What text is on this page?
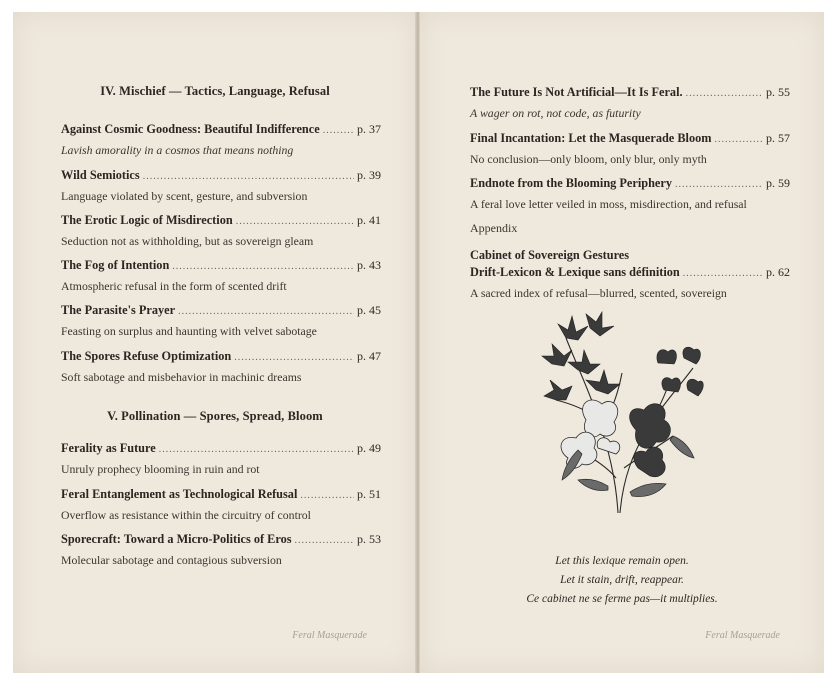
IV. Mischief — Tactics, Language, Refusal
Against Cosmic Goodness: Beautiful Indifference .....	p. 37
Lavish amorality in a cosmos that means nothing
Wild Semiotics .....	p. 39
Language violated by scent, gesture, and subversion
The Erotic Logic of Misdirection .....	p. 41
Seduction not as withholding, but as sovereign gleam
The Fog of Intention .....	p. 43
Atmospheric refusal in the form of scented drift
The Parasite's Prayer .....	p. 45
Feasting on surplus and haunting with velvet sabotage
The Spores Refuse Optimization .....	p. 47
Soft sabotage and misbehavior in machinic dreams
V. Pollination — Spores, Spread, Bloom
Ferality as Future .....	p. 49
Unruly prophecy blooming in ruin and rot
Feral Entanglement as Technological Refusal .....	p. 51
Overflow as resistance within the circuitry of control
Sporecraft: Toward a Micro-Politics of Eros .....	p. 53
Molecular sabotage and contagious subversion
Feral Masquerade
The Future Is Not Artificial—It Is Feral. .....	p. 55
A wager on rot, not code, as futurity
Final Incantation: Let the Masquerade Bloom .....	p. 57
No conclusion—only bloom, only blur, only myth
Endnote from the Blooming Periphery .....	p. 59
A feral love letter veiled in moss, misdirection, and refusal
Appendix
Cabinet of Sovereign Gestures
Drift-Lexicon & Lexique sans définition .....	p. 62
A sacred index of refusal—blurred, scented, sovereign
Let this lexique remain open.
Let it stain, drift, reappear.
Ce cabinet ne se ferme pas—it multiplies.
Feral Masquerade
